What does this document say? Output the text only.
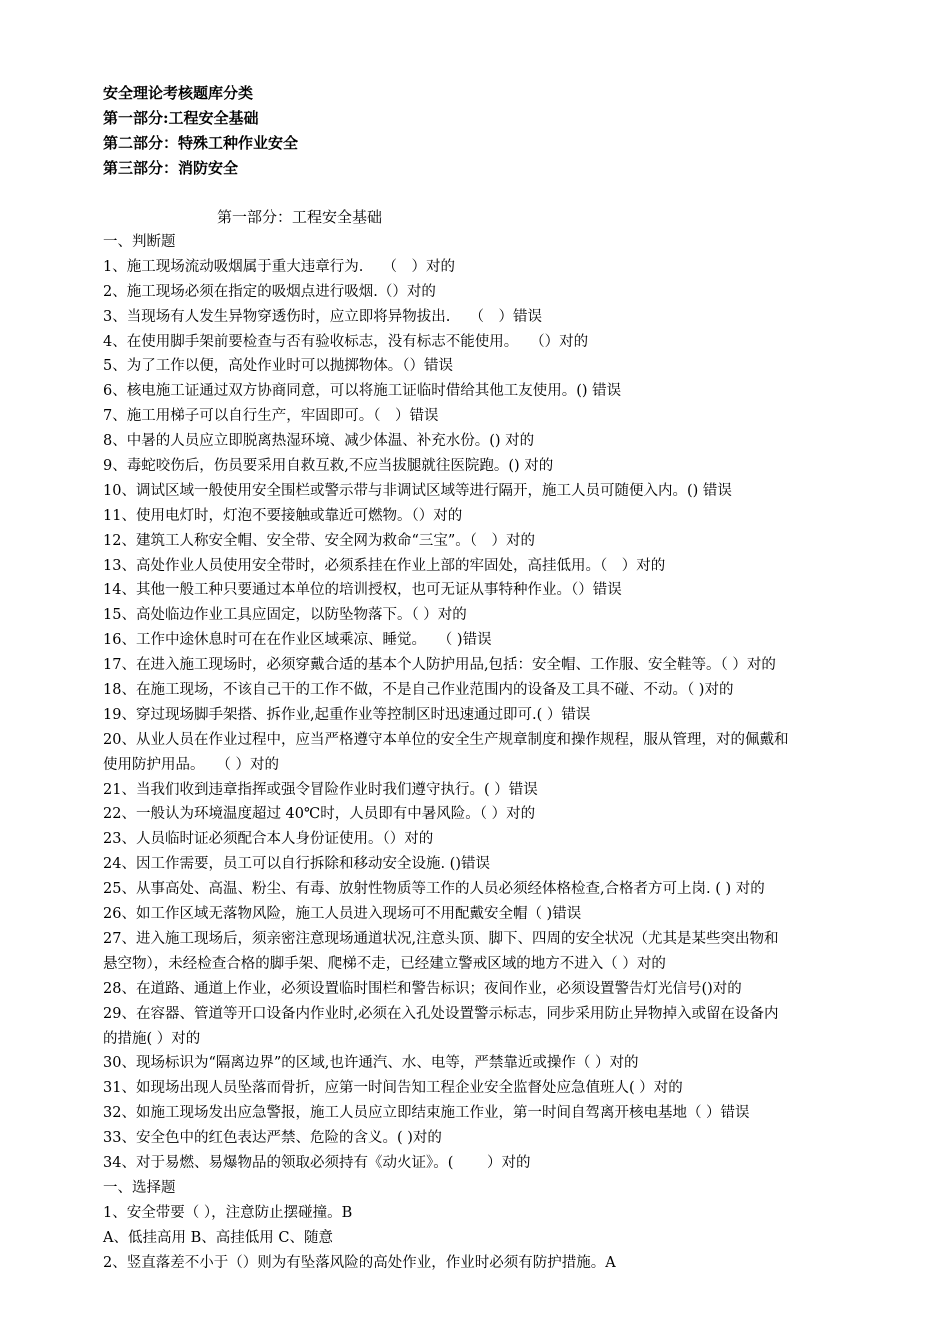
安全理论考核题库分类
第一部分:工程安全基础
第二部分：特殊工种作业安全
第三部分：消防安全
第一部分：工程安全基础
一、判断题
1、施工现场流动吸烟属于重大违章行为.　 （　）对的
2、施工现场必须在指定的吸烟点进行吸烟.（）对的
3、当现场有人发生异物穿透伤时，应立即将异物拔出.　 （　）错误
4、在使用脚手架前要检查与否有验收标志，没有标志不能使用。　 （）对的
5、为了工作以便，高处作业时可以抛掷物体。（）错误
6、核电施工证通过双方协商同意，可以将施工证临时借给其他工友使用。() 错误
7、施工用梯子可以自行生产，牢固即可。（　）错误
8、中暑的人员应立即脱离热湿环境、减少体温、补充水份。() 对的
9、毒蛇咬伤后，伤员要采用自救互救,不应当拔腿就往医院跑。() 对的
10、调试区域一般使用安全围栏或警示带与非调试区域等进行隔开，施工人员可随便入内。() 错误
11、使用电灯时，灯泡不要接触或靠近可燃物。（）对的
12、建筑工人称安全帽、安全带、安全网为救命“三宝”。（　）对的
13、高处作业人员使用安全带时，必须系挂在作业上部的牢固处，高挂低用。（　）对的
14、其他一般工种只要通过本单位的培训授权，也可无证从事特种作业。（）错误
15、高处临边作业工具应固定，以防坠物落下。（ ）对的
16、工作中途休息时可在在作业区域乘凉、睡觉。　 （ )错误
17、在进入施工现场时，必须穿戴合适的基本个人防护用品,包括：安全帽、工作服、安全鞋等。（ ）对的
18、在施工现场，不该自己干的工作不做，不是自己作业范围内的设备及工具不碰、不动。（ )对的
19、穿过现场脚手架搭、拆作业,起重作业等控制区时迅速通过即可.( ）错误
20、从业人员在作业过程中，应当严格遵守本单位的安全生产规章制度和操作规程，服从管理，对的佩戴和
使用防护用品。　 （ ）对的
21、当我们收到违章指挥或强令冒险作业时我们遵守执行。( ）错误
22、一般认为环境温度超过 40℃时，人员即有中暑风险。（ ）对的
23、人员临时证必须配合本人身份证使用。（）对的
24、因工作需要，员工可以自行拆除和移动安全设施. ()错误
25、从事高处、高温、粉尘、有毒、放射性物质等工作的人员必须经体格检查,合格者方可上岗. ( ) 对的
26、如工作区域无落物风险，施工人员进入现场可不用配戴安全帽（ )错误
27、进入施工现场后，须亲密注意现场通道状况,注意头顶、脚下、四周的安全状况（尤其是某些突出物和
悬空物），未经检查合格的脚手架、爬梯不走，已经建立警戒区域的地方不进入（ ）对的
28、在道路、通道上作业，必须设置临时围栏和警告标识；夜间作业，必须设置警告灯光信号()对的
29、在容器、管道等开口设备内作业时,必须在入孔处设置警示标志，同步采用防止异物掉入或留在设备内
的措施( ）对的
30、现场标识为“隔离边界”的区域,也许通汽、水、电等，严禁靠近或操作（ ）对的
31、如现场出现人员坠落而骨折，应第一时间告知工程企业安全监督处应急值班人( ）对的
32、如施工现场发出应急警报，施工人员应立即结束施工作业，第一时间自驾离开核电基地（ ）错误
33、安全色中的红色表达严禁、危险的含义。( )对的
34、对于易燃、易爆物品的领取必须持有《动火证》。(　 　）对的
一、选择题
1、安全带要（ ），注意防止摆碰撞。B
A、低挂高用 B、高挂低用 C、随意
2、竖直落差不小于（）则为有坠落风险的高处作业，作业时必须有防护措施。A
